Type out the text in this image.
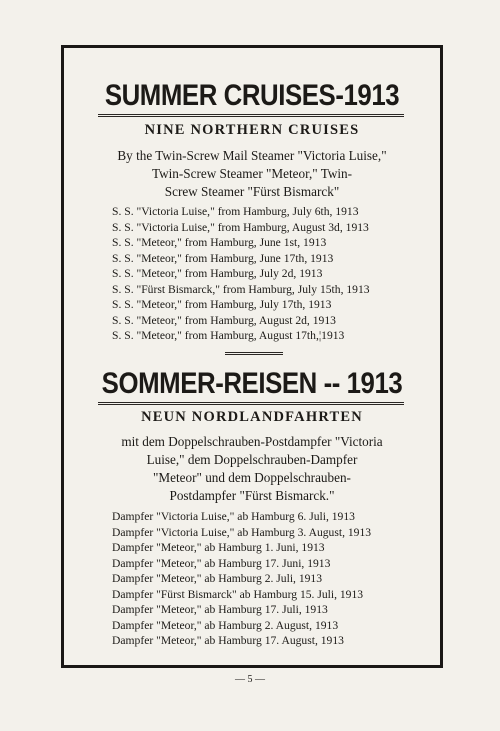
SUMMER CRUISES-1913
NINE NORTHERN CRUISES
By the Twin-Screw Mail Steamer "Victoria Luise,"
Twin-Screw Steamer "Meteor," Twin-
Screw Steamer "Fürst Bismarck"
S. S. "Victoria Luise," from Hamburg, July 6th, 1913
S. S. "Victoria Luise," from Hamburg, August 3d, 1913
S. S. "Meteor," from Hamburg, June 1st, 1913
S. S. "Meteor," from Hamburg, June 17th, 1913
S. S. "Meteor," from Hamburg, July 2d, 1913
S. S. "Fürst Bismarck," from Hamburg, July 15th, 1913
S. S. "Meteor," from Hamburg, July 17th, 1913
S. S. "Meteor," from Hamburg, August 2d, 1913
S. S. "Meteor," from Hamburg, August 17th,¦1913
SOMMER-REISEN -- 1913
NEUN NORDLANDFAHRTEN
mit dem Doppelschrauben-Postdampfer "Victoria
Luise," dem Doppelschrauben-Dampfer
"Meteor" und dem Doppelschrauben-
Postdampfer "Fürst Bismarck."
Dampfer "Victoria Luise," ab Hamburg 6. Juli, 1913
Dampfer "Victoria Luise," ab Hamburg 3. August, 1913
Dampfer "Meteor," ab Hamburg 1. Juni, 1913
Dampfer "Meteor," ab Hamburg 17. Juni, 1913
Dampfer "Meteor," ab Hamburg 2. Juli, 1913
Dampfer "Fürst Bismarck" ab Hamburg 15. Juli, 1913
Dampfer "Meteor," ab Hamburg 17. Juli, 1913
Dampfer "Meteor," ab Hamburg 2. August, 1913
Dampfer "Meteor," ab Hamburg 17. August, 1913
— 5 —
